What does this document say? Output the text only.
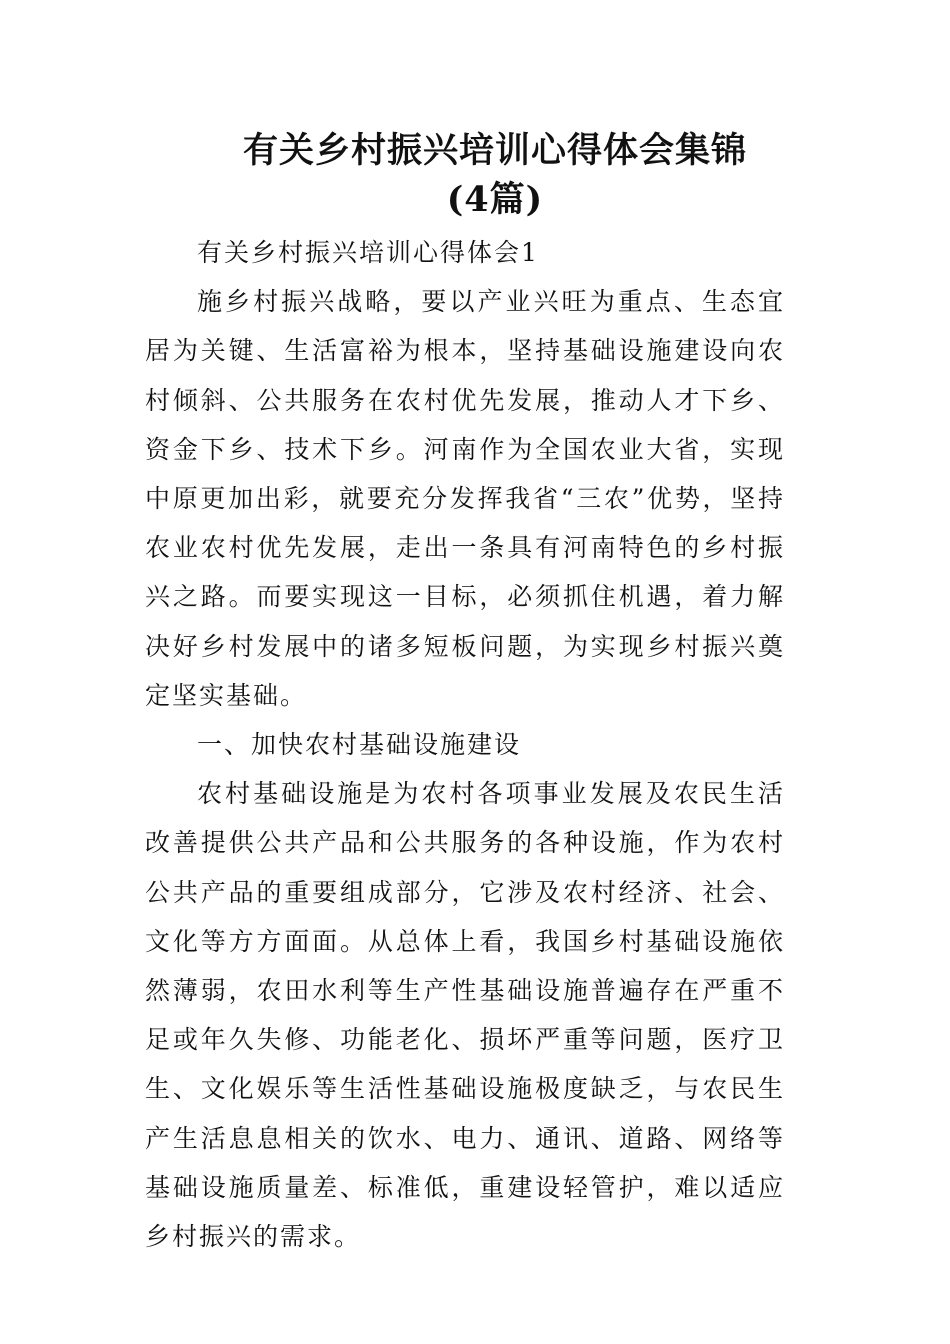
有关乡村振兴培训心得体会集锦
(4篇)

有关乡村振兴培训心得体会1

施乡村振兴战略，要以产业兴旺为重点、生态宜居为关键、生活富裕为根本，坚持基础设施建设向农村倾斜、公共服务在农村优先发展，推动人才下乡、资金下乡、技术下乡。河南作为全国农业大省，实现中原更加出彩，就要充分发挥我省“三农”优势，坚持农业农村优先发展，走出一条具有河南特色的乡村振兴之路。而要实现这一目标，必须抓住机遇，着力解决好乡村发展中的诸多短板问题，为实现乡村振兴奠定坚实基础。

一、加快农村基础设施建设

农村基础设施是为农村各项事业发展及农民生活改善提供公共产品和公共服务的各种设施，作为农村公共产品的重要组成部分，它涉及农村经济、社会、文化等方方面面。从总体上看，我国乡村基础设施依然薄弱，农田水利等生产性基础设施普遍存在严重不足或年久失修、功能老化、损坏严重等问题，医疗卫生、文化娱乐等生活性基础设施极度缺乏，与农民生产生活息息相关的饮水、电力、通讯、道路、网络等基础设施质量差、标准低，重建设轻管护，难以适应乡村振兴的需求。
